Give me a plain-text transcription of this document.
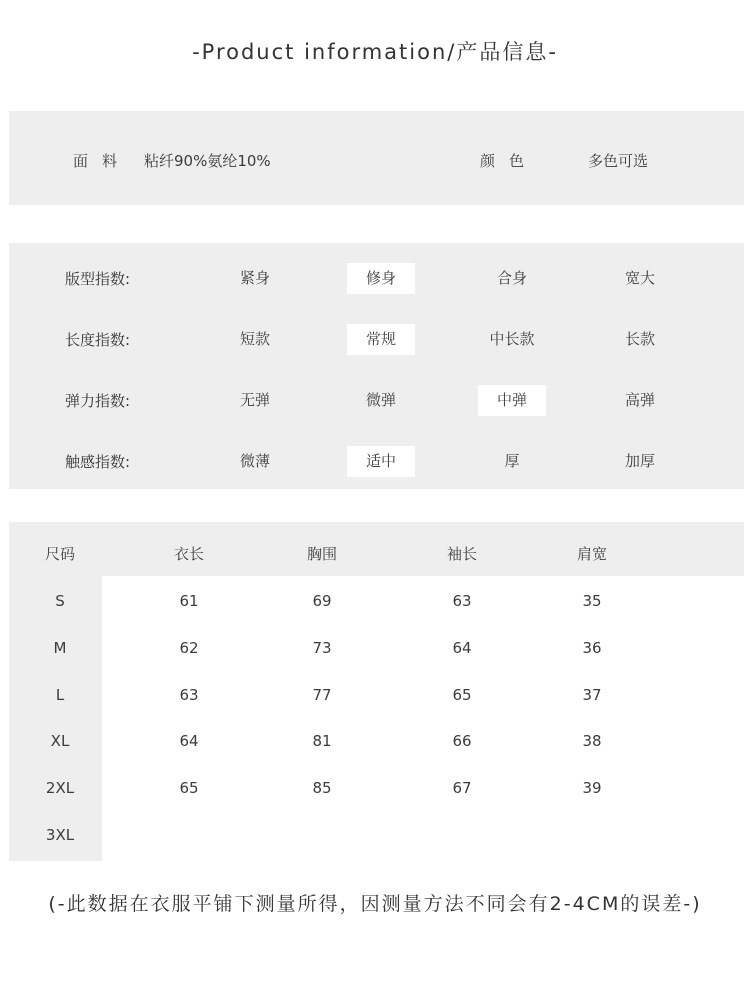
-Product information/产品信息-
面料 粘纤90%氨纶10%	颜色	多色可选
版型指数:	紧身	修身	合身	宽大
长度指数:	短款	常规	中长款	长款
弹力指数:	无弹	微弹	中弹	高弹
触感指数:	微薄	适中	厚	加厚
尺码	衣长	胸围	袖长	肩宽
S	61	69	63	35
M	62	73	64	36
L	63	77	65	37
XL	64	81	66	38
2XL	65	85	67	39
3XL
(-此数据在衣服平铺下测量所得，因测量方法不同会有2-4CM的误差-)
